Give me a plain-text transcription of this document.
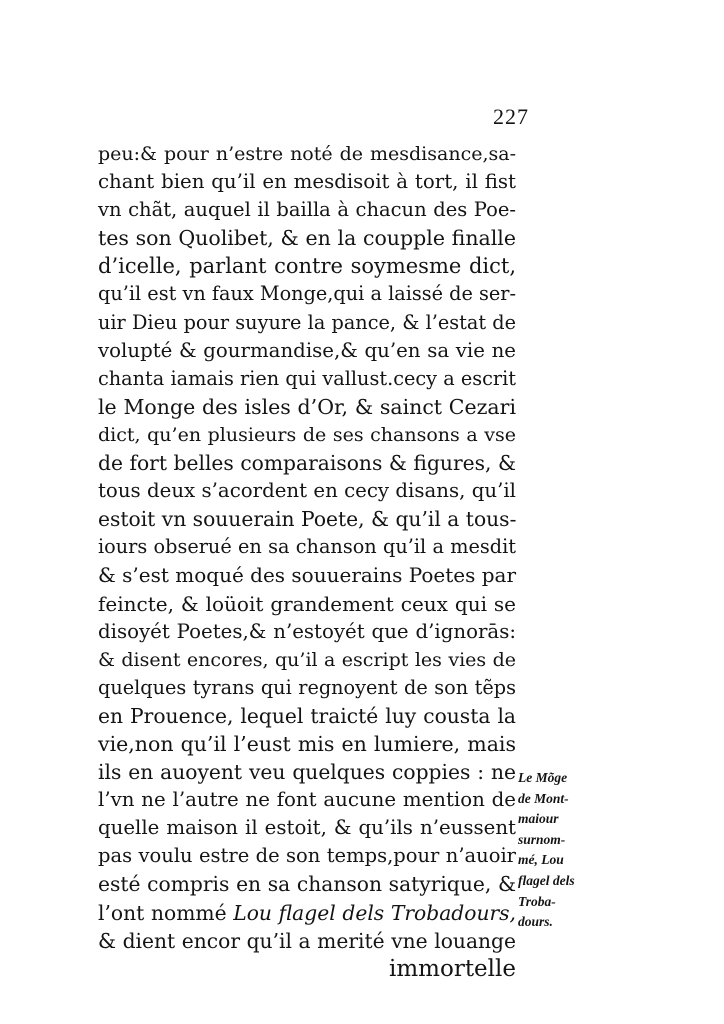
227
peu:& pour n’estre noté de mesdisance,sa-
chant bien qu’il en mesdisoit à tort, il fist
vn chãt, auquel il bailla à chacun des Poe-
tes son Quolibet, & en la coupple finalle
d’icelle, parlant contre soymesme dict,
qu’il est vn faux Monge,qui a laissé de ser-
uir Dieu pour suyure la pance, & l’estat de
volupté & gourmandise,& qu’en sa vie ne
chanta iamais rien qui vallust.cecy a escrit
le Monge des isles d’Or, & sainct Cezari
dict, qu’en plusieurs de ses chansons a vse
de fort belles comparaisons & figures, &
tous deux s’acordent en cecy disans, qu’il
estoit vn souuerain Poete, & qu’il a tous-
iours obserué en sa chanson qu’il a mesdit
& s’est moqué des souuerains Poetes par
feincte, & loüoit grandement ceux qui se
disoyét Poetes,& n’estoyét que d’ignorās:
& disent encores, qu’il a escript les vies de
quelques tyrans qui regnoyent de son tẽps
en Prouence, lequel traicté luy cousta la
vie,non qu’il l’eust mis en lumiere, mais
ils en auoyent veu quelques coppies : ne
l’vn ne l’autre ne font aucune mention de
quelle maison il estoit, & qu’ils n’eussent
pas voulu estre de son temps,pour n’auoir
esté compris en sa chanson satyrique, &
l’ont nommé Lou flagel dels Trobadours,
& dient encor qu’il a merité vne louange
immortelle
Le Mõge
de Mont-
maiour
surnom-
mé, Lou
flagel dels
Troba-
dours.
